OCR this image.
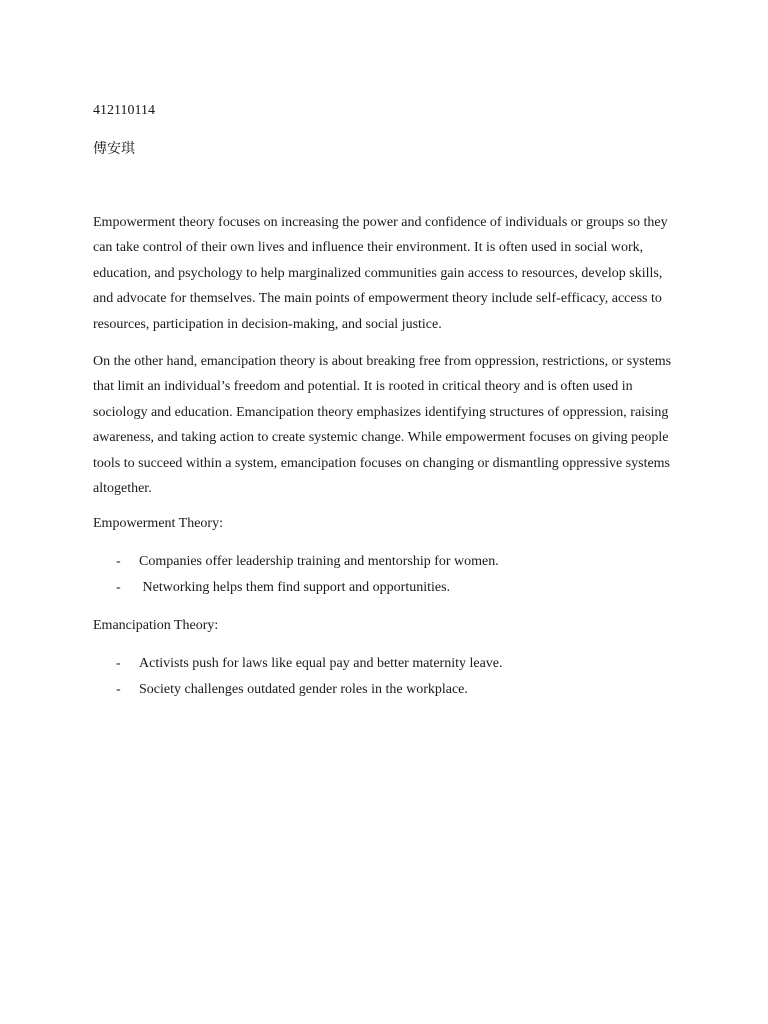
412110114

傅安琪

Empowerment theory focuses on increasing the power and confidence of individuals or groups so they can take control of their own lives and influence their environment. It is often used in social work, education, and psychology to help marginalized communities gain access to resources, develop skills, and advocate for themselves. The main points of empowerment theory include self-efficacy, access to resources, participation in decision-making, and social justice.

On the other hand, emancipation theory is about breaking free from oppression, restrictions, or systems that limit an individual’s freedom and potential. It is rooted in critical theory and is often used in sociology and education. Emancipation theory emphasizes identifying structures of oppression, raising awareness, and taking action to create systemic change. While empowerment focuses on giving people tools to succeed within a system, emancipation focuses on changing or dismantling oppressive systems altogether.

Empowerment Theory:

- Companies offer leadership training and mentorship for women.
- Networking helps them find support and opportunities.

Emancipation Theory:

- Activists push for laws like equal pay and better maternity leave.
- Society challenges outdated gender roles in the workplace.
